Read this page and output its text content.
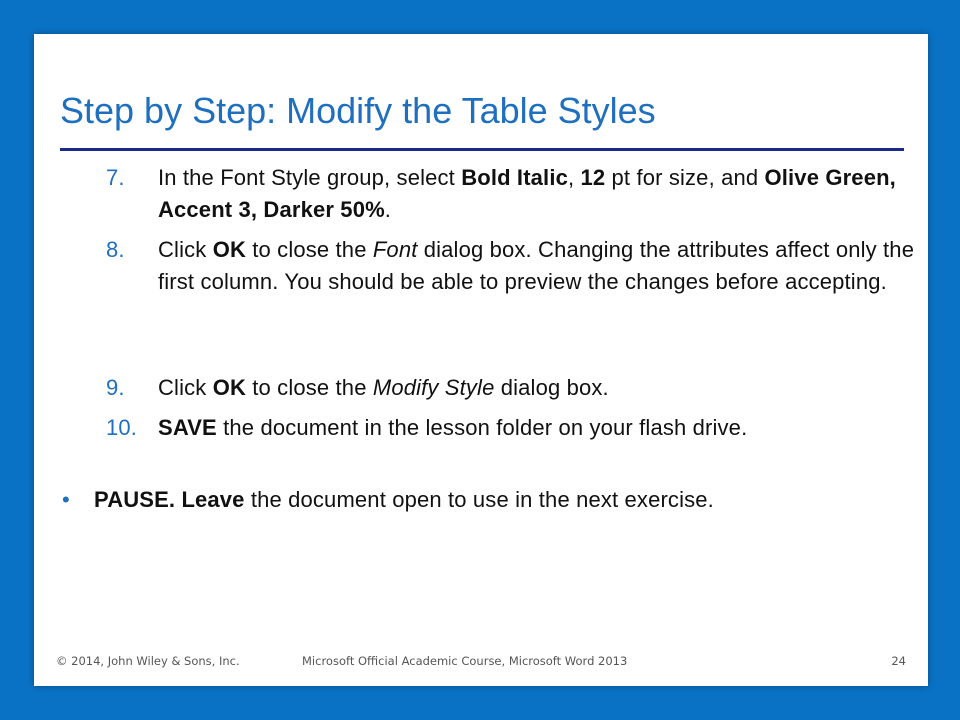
Step by Step: Modify the Table Styles
7.	In the Font Style group, select Bold Italic, 12 pt for size, and Olive Green, Accent 3, Darker 50%.
8.	Click OK to close the Font dialog box. Changing the attributes affect only the first column. You should be able to preview the changes before accepting.
9.	Click OK to close the Modify Style dialog box.
10. SAVE the document in the lesson folder on your flash drive.
• PAUSE. Leave the document open to use in the next exercise.
© 2014, John Wiley & Sons, Inc.	Microsoft Official Academic Course, Microsoft Word 2013	24
